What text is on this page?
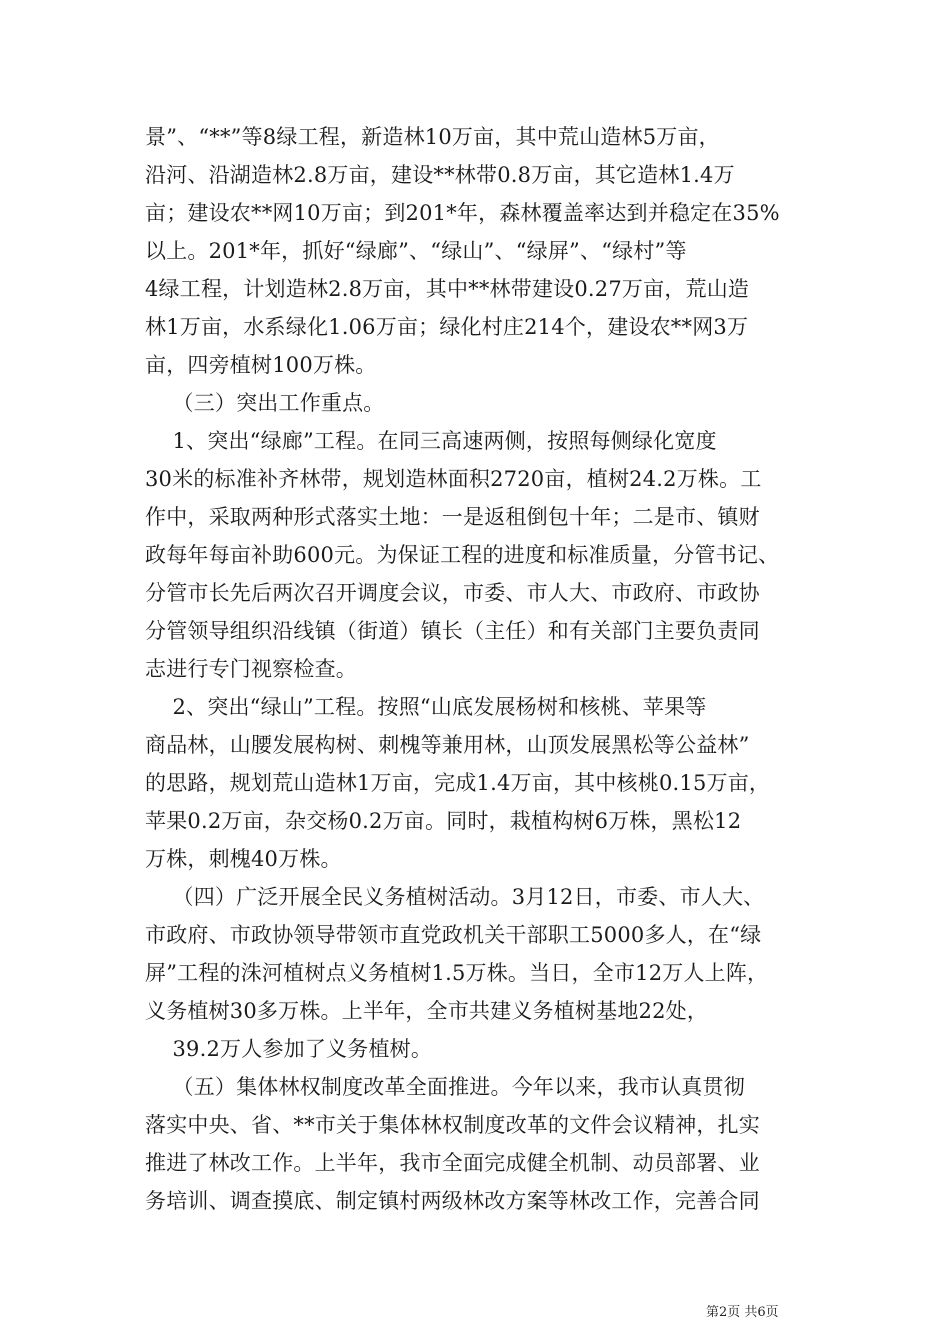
景”、“**”等8绿工程，新造林10万亩，其中荒山造林5万亩，
沿河、沿湖造林2.8万亩，建设**林带0.8万亩，其它造林1.4万
亩；建设农**网10万亩；到201*年，森林覆盖率达到并稳定在35%
以上。201*年，抓好“绿廊”、“绿山”、“绿屏”、“绿村”等
4绿工程，计划造林2.8万亩，其中**林带建设0.27万亩，荒山造
林1万亩，水系绿化1.06万亩；绿化村庄214个，建设农**网3万
亩，四旁植树100万株。
（三）突出工作重点。
1、突出“绿廊”工程。在同三高速两侧，按照每侧绿化宽度
30米的标准补齐林带，规划造林面积2720亩，植树24.2万株。工
作中，采取两种形式落实土地：一是返租倒包十年；二是市、镇财
政每年每亩补助600元。为保证工程的进度和标准质量，分管书记、
分管市长先后两次召开调度会议，市委、市人大、市政府、市政协
分管领导组织沿线镇（街道）镇长（主任）和有关部门主要负责同
志进行专门视察检查。
2、突出“绿山”工程。按照“山底发展杨树和核桃、苹果等
商品林，山腰发展构树、刺槐等兼用林，山顶发展黑松等公益林”
的思路，规划荒山造林1万亩，完成1.4万亩，其中核桃0.15万亩，
苹果0.2万亩，杂交杨0.2万亩。同时，栽植构树6万株，黑松12
万株，刺槐40万株。
（四）广泛开展全民义务植树活动。3月12日，市委、市人大、
市政府、市政协领导带领市直党政机关干部职工5000多人，在“绿
屏”工程的洙河植树点义务植树1.5万株。当日，全市12万人上阵，
义务植树30多万株。上半年，全市共建义务植树基地22处，
39.2万人参加了义务植树。
（五）集体林权制度改革全面推进。今年以来，我市认真贯彻
落实中央、省、**市关于集体林权制度改革的文件会议精神，扎实
推进了林改工作。上半年，我市全面完成健全机制、动员部署、业
务培训、调查摸底、制定镇村两级林改方案等林改工作，完善合同
第2页 共6页
